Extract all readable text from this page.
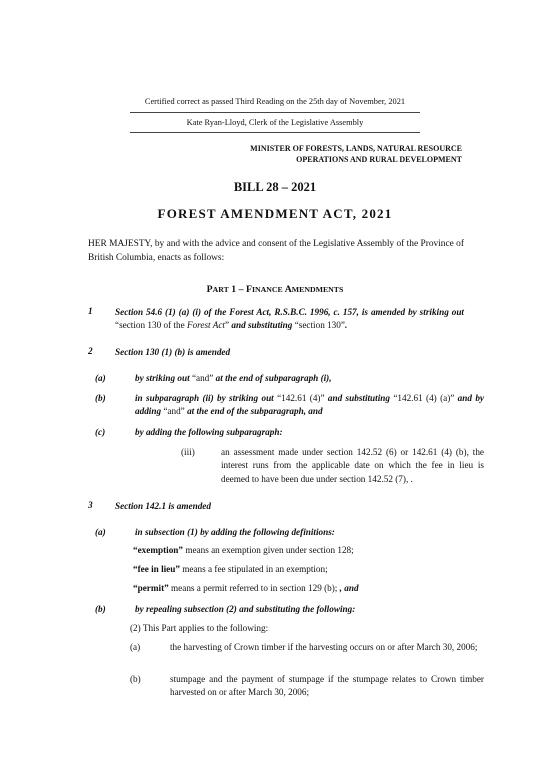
Certified correct as passed Third Reading on the 25th day of November, 2021
Kate Ryan-Lloyd, Clerk of the Legislative Assembly
MINISTER OF FORESTS, LANDS, NATURAL RESOURCE
OPERATIONS AND RURAL DEVELOPMENT
BILL 28 – 2021
FOREST AMENDMENT ACT, 2021
HER MAJESTY, by and with the advice and consent of the Legislative Assembly of the Province of British Columbia, enacts as follows:
PART 1 – FINANCE AMENDMENTS
1 Section 54.6 (1) (a) (i) of the Forest Act, R.S.B.C. 1996, c. 157, is amended by striking out “section 130 of the Forest Act” and substituting “section 130”.
2 Section 130 (1) (b) is amended
(a)	by striking out “and” at the end of subparagraph (i),
(b)	in subparagraph (ii) by striking out “142.61 (4)” and substituting “142.61 (4) (a)” and by adding “and” at the end of the subparagraph, and
(c)	by adding the following subparagraph:
(iii)	an assessment made under section 142.52 (6) or 142.61 (4) (b), the interest runs from the applicable date on which the fee in lieu is deemed to have been due under section 142.52 (7), .
3 Section 142.1 is amended
(a)	in subsection (1) by adding the following definitions:
“exemption” means an exemption given under section 128;
“fee in lieu” means a fee stipulated in an exemption;
“permit” means a permit referred to in section 129 (b); , and
(b)	by repealing subsection (2) and substituting the following:
(2) This Part applies to the following:
(a)	the harvesting of Crown timber if the harvesting occurs on or after March 30, 2006;
(b)	stumpage and the payment of stumpage if the stumpage relates to Crown timber harvested on or after March 30, 2006;
